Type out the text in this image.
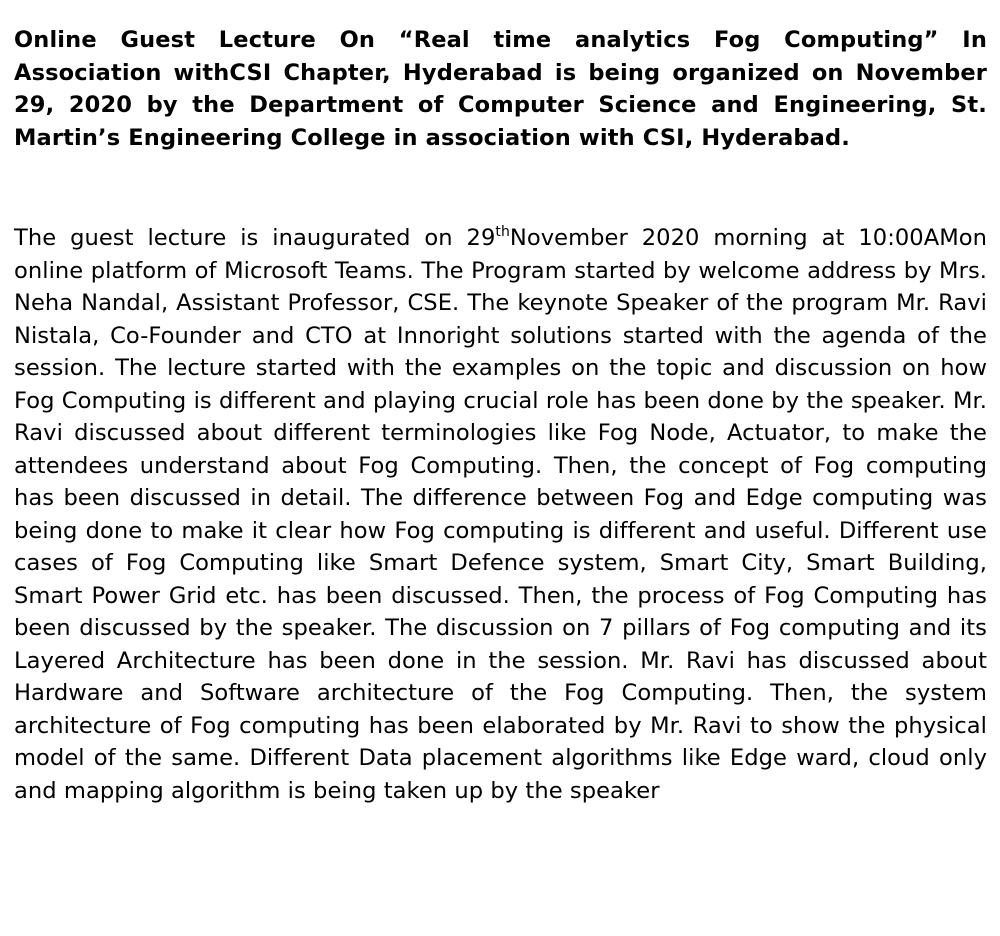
Online Guest Lecture On “Real time analytics Fog Computing” In Association withCSI Chapter, Hyderabad is being organized on November 29, 2020 by the Department of Computer Science and Engineering, St. Martin’s Engineering College in association with CSI, Hyderabad.

The guest lecture is inaugurated on 29thNovember 2020 morning at 10:00AMon online platform of Microsoft Teams. The Program started by welcome address by Mrs. Neha Nandal, Assistant Professor, CSE. The keynote Speaker of the program Mr. Ravi Nistala, Co-Founder and CTO at Innoright solutions started with the agenda of the session. The lecture started with the examples on the topic and discussion on how Fog Computing is different and playing crucial role has been done by the speaker. Mr. Ravi discussed about different terminologies like Fog Node, Actuator, to make the attendees understand about Fog Computing. Then, the concept of Fog computing has been discussed in detail. The difference between Fog and Edge computing was being done to make it clear how Fog computing is different and useful. Different use cases of Fog Computing like Smart Defence system, Smart City, Smart Building, Smart Power Grid etc. has been discussed. Then, the process of Fog Computing has been discussed by the speaker. The discussion on 7 pillars of Fog computing and its Layered Architecture has been done in the session. Mr. Ravi has discussed about Hardware and Software architecture of the Fog Computing. Then, the system architecture of Fog computing has been elaborated by Mr. Ravi to show the physical model of the same. Different Data placement algorithms like Edge ward, cloud only and mapping algorithm is being taken up by the speaker
